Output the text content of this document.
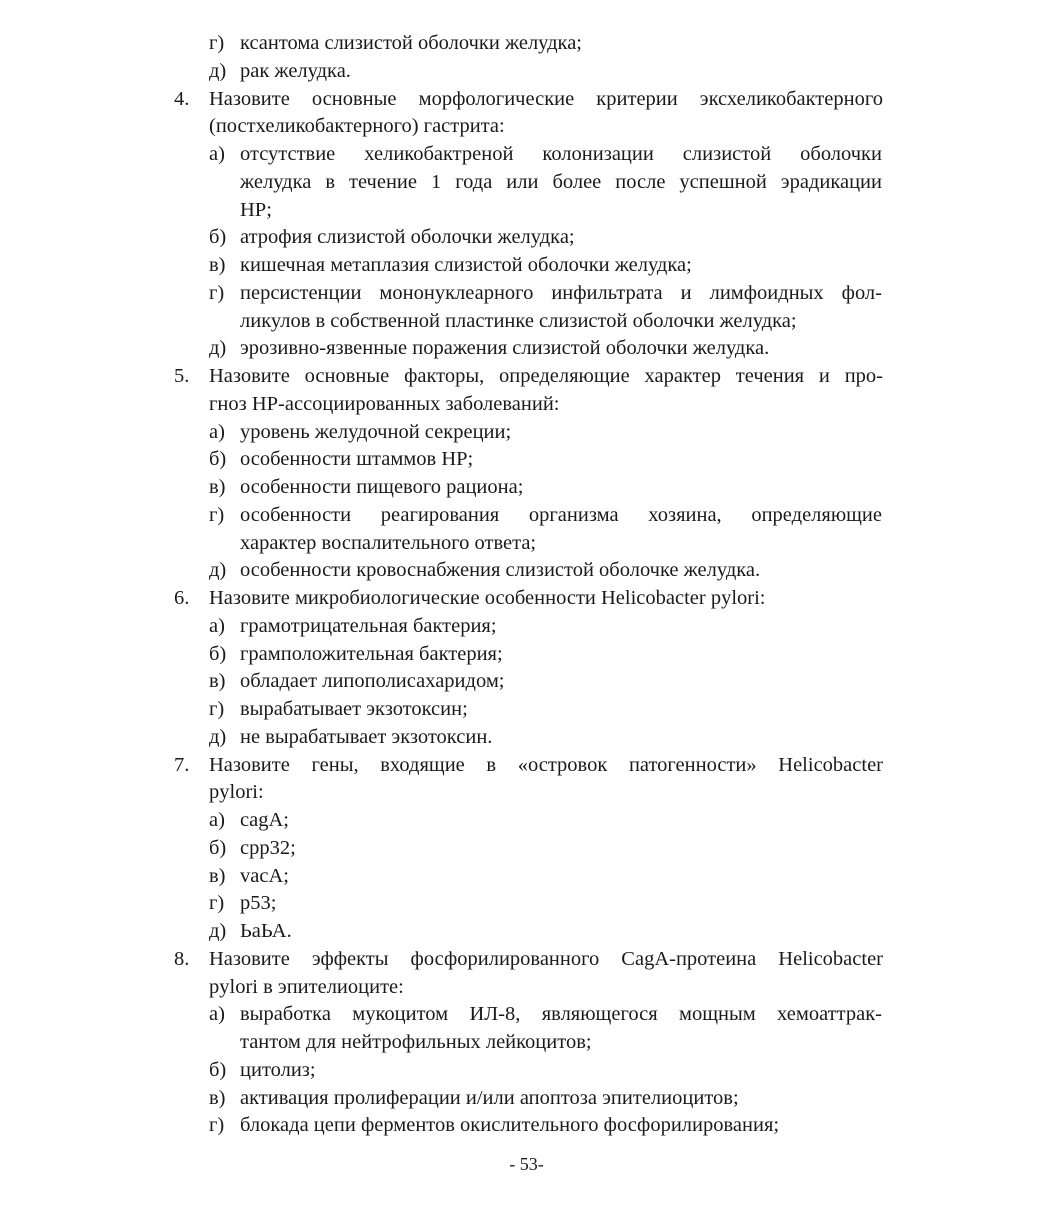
г) ксантома слизистой оболочки желудка;
д) рак желудка.
4. Назовите основные морфологические критерии эксхеликобактерного
(постхеликобактерного) гастрита:
а) отсутствие хеликобактреной колонизации слизистой оболочки
желудка в течение 1 года или более после успешной эрадикации
HP;
б) атрофия слизистой оболочки желудка;
в) кишечная метаплазия слизистой оболочки желудка;
г) персистенции мононуклеарного инфильтрата и лимфоидных фол-
ликулов в собственной пластинке слизистой оболочки желудка;
д) эрозивно-язвенные поражения слизистой оболочки желудка.
5. Назовите основные факторы, определяющие характер течения и про-
гноз HP-ассоциированных заболеваний:
а) уровень желудочной секреции;
б) особенности штаммов HP;
в) особенности пищевого рациона;
г) особенности реагирования организма хозяина, определяющие
характер воспалительного ответа;
д) особенности кровоснабжения слизистой оболочке желудка.
6. Назовите микробиологические особенности Helicobacter pylori:
а) грамотрицательная бактерия;
б) грамположительная бактерия;
в) обладает липополисахаридом;
г) вырабатывает экзотоксин;
д) не вырабатывает экзотоксин.
7. Назовите гены, входящие в «островок патогенности» Helicobacter
pylori:
а) cagA;
б) cpp32;
в) vacA;
г) p53;
д) ЬаЬА.
8. Назовите эффекты фосфорилированного CagA-протеина Helicobacter
pylori в эпителиоците:
а) выработка мукоцитом ИЛ-8, являющегося мощным хемоаттрак-
тантом для нейтрофильных лейкоцитов;
б) цитолиз;
в) активация пролиферации и/или апоптоза эпителиоцитов;
г) блокада цепи ферментов окислительного фосфорилирования;
- 53-
